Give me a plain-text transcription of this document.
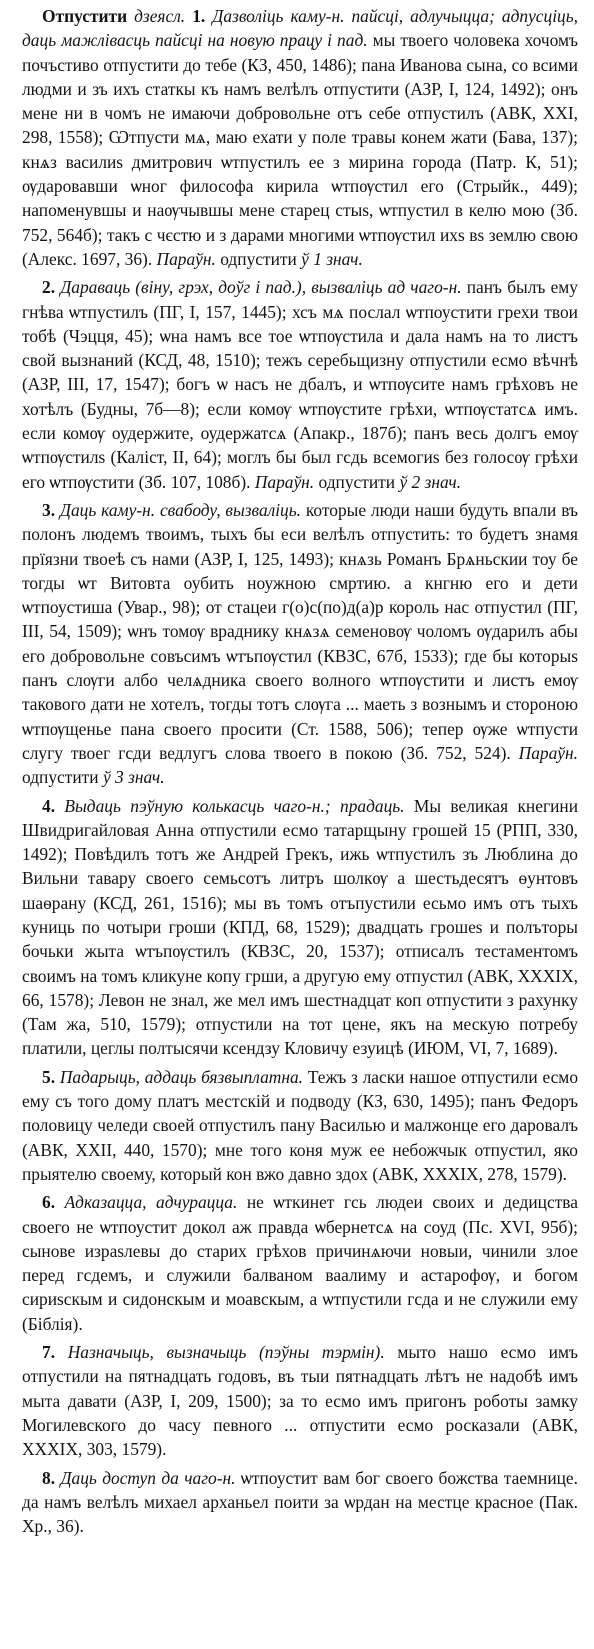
Отпустити дзеясл. 1. Дазволіць каму-н. пайсці, адлучыцца; адпусціць, даць мажлівасць пайсці на новую працу і пад. мы твоего чоловека хочомъ почъстиво отпустити до тебе (КЗ, 450, 1486); пана Иванова сына, со всими людми и зъ ихъ статкы къ намъ велѣлъ отпустити (АЗР, I, 124, 1492); онъ мене ни в чомъ не имаючи добровольне отъ себе отпустилъ (АВК, XXI, 298, 1558); Ѡтпусти мѧ, маю ехати у поле травы конем жати (Бава, 137); кнѧз василиѕ дмитрович ѡтпустилъ ее з мирина города (Патр. К, 51); ѹдаровавши ѡног философа кирила ѡтпѹстил его (Стрыйк., 449); напоменувшы и наѹчывшы мене старец стыѕ, ѡтпустил в келю мою (Зб. 752, 564б); такъ с чєстю и з дарами многими ѡтпѹстил ихѕ вѕ землю свою (Алекс. 1697, 36). Параўн. одпустити ў 1 знач.

2. Дараваць (віну, грэх, доўг і пад.), вызваліць ад чаго-н. панъ былъ ему гнѣва ѡтпустилъ (ПГ, I, 157, 1445); хсъ мѧ послал ѡтпоустити грехи твои тобѣ (Чэцця, 45); ѡна намъ все тое ѡтпѹстила и дала намъ на то листъ свой вызнаний (КСД, 48, 1510); тежъ серебьщизну отпустили есмо вѣчнѣ (АЗР, III, 17, 1547); богъ ѡ насъ не дбалъ, и ѡтпѹсите намъ грѣховъ не хотѣлъ (Будны, 7б—8); если комѹ ѡтпѹстите грѣхи, ѡтпѹстатсѧ имъ. если комѹ оудержите, оудержатсѧ (Апакр., 187б); панъ весь долгъ емѹ ѡтпѹстилѕ (Каліст, II, 64); моглъ бы был гсдь всемогиѕ без голосѹ грѣхи его ѡтпѹстити (Зб. 107, 108б). Параўн. одпустити ў 2 знач.

3. Даць каму-н. свабоду, вызваліць. которые люди наши будуть впали въ полонъ людемъ твоимъ, тыхъ бы еси велѣлъ отпустить: то будетъ знамя прїязни твоеѣ съ нами (АЗР, I, 125, 1493); кнѧзь Романъ Брѧньскии тоу бе тогды ѡт Витовта оубить ноужною смртию. а кнгню его и дети ѡтпоустиша (Увар., 98); от стацеи г(о)с(по)д(а)р король нас отпустил (ПГ, III, 54, 1509); ѡнъ томѹ враднику кнѧзѧ семеновѹ чоломъ ѹдарилъ абы его добровольне совъсимъ ѡтъпѹстил (КВЗС, 67б, 1533); где бы которыѕ панъ слѹги албо челѧдника своего волного ѡтпѹстити и листъ емѹ такового дати не хотелъ, тогды тотъ слѹга ... маеть з вознымъ и стороною ѡтпѹщенье пана своего просити (Ст. 1588, 506); тепер ѹже ѡтпусти слугу твоег гсди ведлугъ слова твоего в покою (Зб. 752, 524). Параўн. одпустити ў 3 знач.

4. Выдаць пэўную колькасць чаго-н.; прадаць. Мы великая кнегини Швидригайловая Анна отпустили есмо татарщыну грошей 15 (РПП, 330, 1492); Повѣдилъ тотъ же Андрей Грекъ, ижь ѡтпустилъ зъ Люблина до Вильни тавару своего семьсотъ литръ шолкѹ а шестьдесятъ ѳунтовъ шаѳрану (КСД, 261, 1516); мы въ томъ отъпустили есьмо имъ отъ тыхъ куниць по чотыри гроши (КПД, 68, 1529); двадцать грошеѕ и полъторы бочьки жыта ѡтъпѹстилъ (КВЗС, 20, 1537); отписалъ тестаментомъ своимъ на томъ кликуне копу грши, а другую ему отпустил (АВК, XXXIX, 66, 1578); Левон не знал, же мел имъ шестнадцат коп отпустити з рахунку (Там жа, 510, 1579); отпустили на тот цене, якъ на мескую потребу платили, цеглы полтысячи ксендзу Кловичу езуицѣ (ИЮМ, VI, 7, 1689).

5. Падарыць, аддаць бязвыплатна. Тежъ з ласки нашое отпустили есмо ему съ того дому платъ местскій и подводу (КЗ, 630, 1495); панъ Федоръ половицу челеди своей отпустилъ пану Василью и малжонце его даровалъ (АВК, XXII, 440, 1570); мне того коня муж ее небожчык отпустил, яко прыятелю своему, который кон вжо давно здох (АВК, XXXIX, 278, 1579).

6. Адказацца, адчурацца. не ѡткинет гсь людеи своих и дедицства своего не ѡтпоустит докол аж правда ѡбернетсѧ на соуд (Пс. XVI, 95б); сынове израѕлевы до старих грѣхов причинѧючи новыи, чинили злое перед гсдемъ, и служили балваном ваалиму и астарофѹ, и богом сириѕскым и сидонскым и моавскым, а ѡтпустили гсда и не служили ему (Біблія).

7. Назначыць, вызначыць (пэўны тэрмін). мыто нашо есмо имъ отпустили на пятнадцать годовъ, въ тыи пятнадцать лѣтъ не надобѣ имъ мыта давати (АЗР, I, 209, 1500); за то есмо имъ пригонъ роботы замку Могилевского до часу певного ... отпустити есмо росказали (АВК, XXXIX, 303, 1579).

8. Даць доступ да чаго-н. ѡтпоустит вам бог своего божства таемнице. да намъ велѣлъ михаел арханьел поити за ѡрдан на местце красное (Пак. Хр., 36).
